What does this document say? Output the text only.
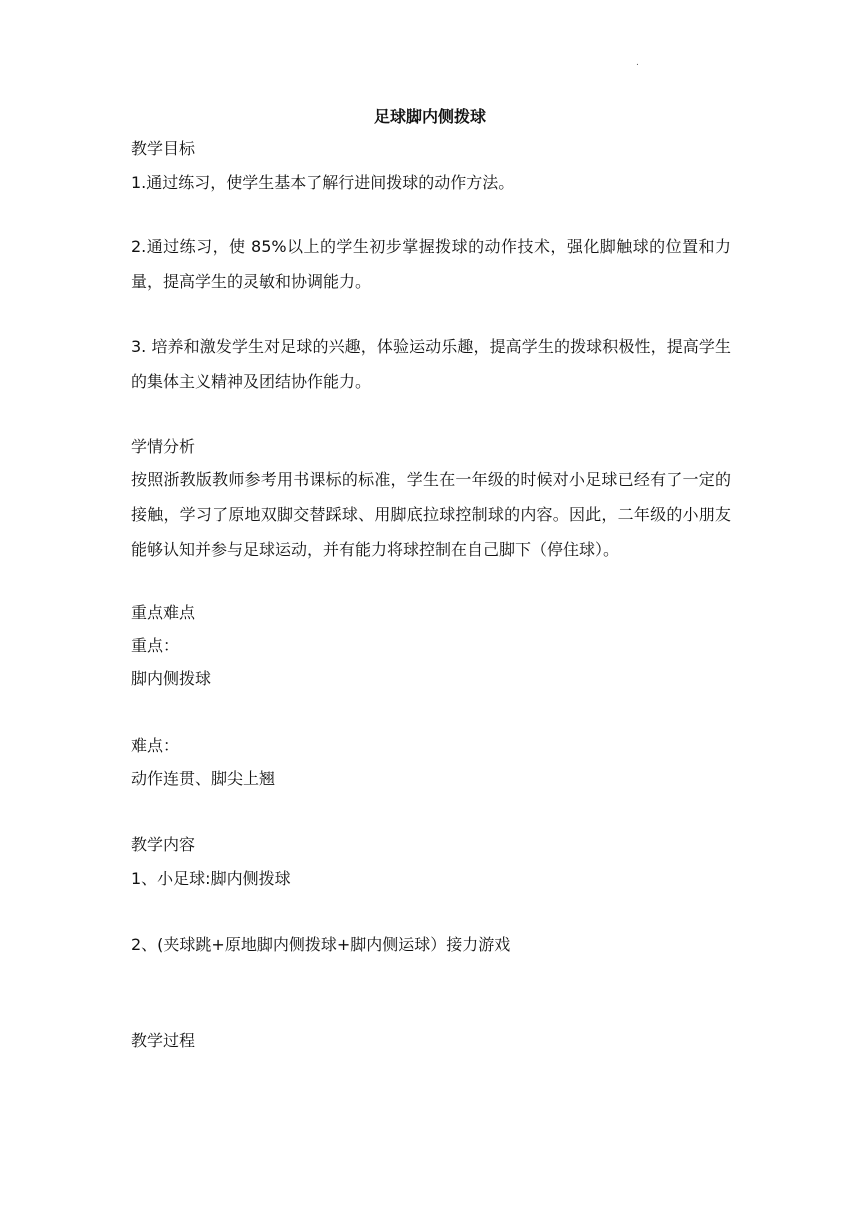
.
足球脚内侧拨球
教学目标
1.通过练习，使学生基本了解行进间拨球的动作方法。
2.通过练习，使 85%以上的学生初步掌握拨球的动作技术，强化脚触球的位置和力量，提高学生的灵敏和协调能力。
3. 培养和激发学生对足球的兴趣，体验运动乐趣，提高学生的拨球积极性，提高学生的集体主义精神及团结协作能力。
学情分析
按照浙教版教师参考用书课标的标准，学生在一年级的时候对小足球已经有了一定的接触，学习了原地双脚交替踩球、用脚底拉球控制球的内容。因此，二年级的小朋友能够认知并参与足球运动，并有能力将球控制在自己脚下（停住球）。
重点难点
重点：
脚内侧拨球
难点：
动作连贯、脚尖上翘
教学内容
1、小足球:脚内侧拨球
2、(夹球跳+原地脚内侧拨球+脚内侧运球）接力游戏
教学过程
